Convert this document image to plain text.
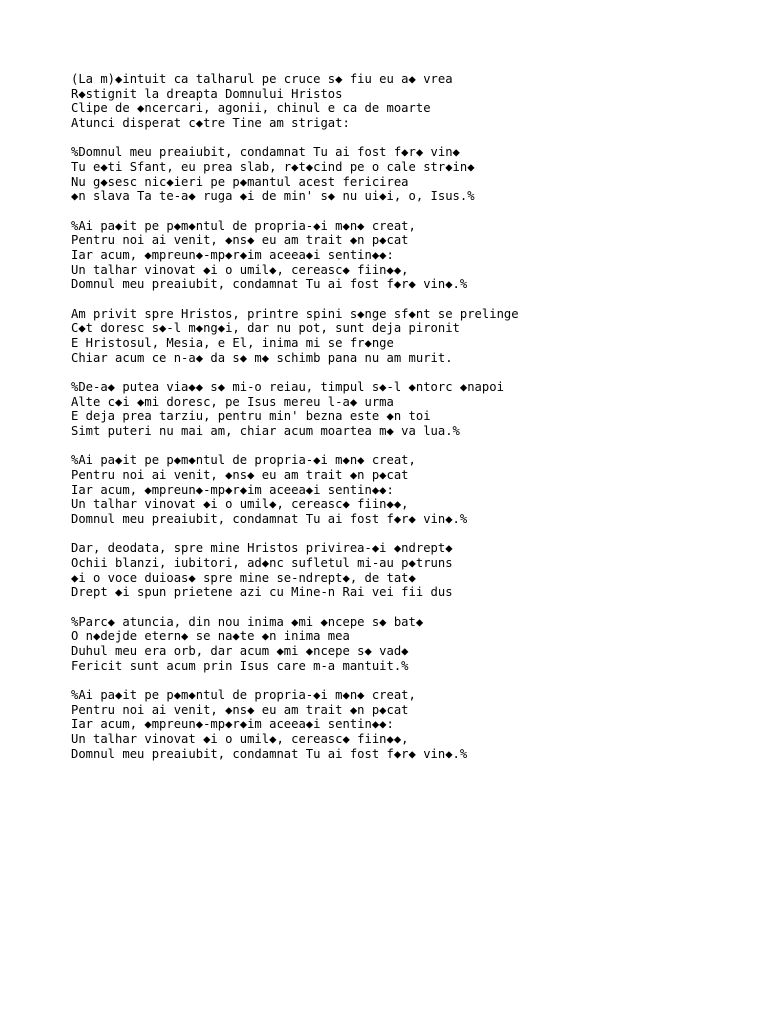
(La m)◆intuit ca talharul pe cruce s◆ fiu eu a◆ vrea
R◆stignit la dreapta Domnului Hristos
Clipe de ◆ncercari, agonii, chinul e ca de moarte
Atunci disperat c◆tre Tine am strigat:
%Domnul meu preaiubit, condamnat Tu ai fost f◆r◆ vin◆
Tu e◆ti Sfant, eu prea slab, r◆t◆cind pe o cale str◆in◆
Nu g◆sesc nic◆ieri pe p◆mantul acest fericirea
◆n slava Ta te-a◆ ruga ◆i de min' s◆ nu ui◆i, o, Isus.%
%Ai pa◆it pe p◆m◆ntul de propria-◆i m◆n◆ creat,
Pentru noi ai venit, ◆ns◆ eu am trait ◆n p◆cat
Iar acum, ◆mpreun◆-mp◆r◆im aceea◆i sentin◆◆:
Un talhar vinovat ◆i o umil◆, cereasc◆ fiin◆◆,
Domnul meu preaiubit, condamnat Tu ai fost f◆r◆ vin◆.%
Am privit spre Hristos, printre spini s◆nge sf◆nt se prelinge
C◆t doresc s◆-l m◆ng◆i, dar nu pot, sunt deja pironit
E Hristosul, Mesia, e El, inima mi se fr◆nge
Chiar acum ce n-a◆ da s◆ m◆ schimb pana nu am murit.
%De-a◆ putea via◆◆ s◆ mi-o reiau, timpul s◆-l ◆ntorc ◆napoi
Alte c◆i ◆mi doresc, pe Isus mereu l-a◆ urma
E deja prea tarziu, pentru min' bezna este ◆n toi
Simt puteri nu mai am, chiar acum moartea m◆ va lua.%
%Ai pa◆it pe p◆m◆ntul de propria-◆i m◆n◆ creat,
Pentru noi ai venit, ◆ns◆ eu am trait ◆n p◆cat
Iar acum, ◆mpreun◆-mp◆r◆im aceea◆i sentin◆◆:
Un talhar vinovat ◆i o umil◆, cereasc◆ fiin◆◆,
Domnul meu preaiubit, condamnat Tu ai fost f◆r◆ vin◆.%
Dar, deodata, spre mine Hristos privirea-◆i ◆ndrept◆
Ochii blanzi, iubitori, ad◆nc sufletul mi-au p◆truns
◆i o voce duioas◆ spre mine se-ndrept◆, de tat◆
Drept ◆i spun prietene azi cu Mine-n Rai vei fii dus
%Parc◆ atuncia, din nou inima ◆mi ◆ncepe s◆ bat◆
O n◆dejde etern◆ se na◆te ◆n inima mea
Duhul meu era orb, dar acum ◆mi ◆ncepe s◆ vad◆
Fericit sunt acum prin Isus care m-a mantuit.%
%Ai pa◆it pe p◆m◆ntul de propria-◆i m◆n◆ creat,
Pentru noi ai venit, ◆ns◆ eu am trait ◆n p◆cat
Iar acum, ◆mpreun◆-mp◆r◆im aceea◆i sentin◆◆:
Un talhar vinovat ◆i o umil◆, cereasc◆ fiin◆◆,
Domnul meu preaiubit, condamnat Tu ai fost f◆r◆ vin◆.%
